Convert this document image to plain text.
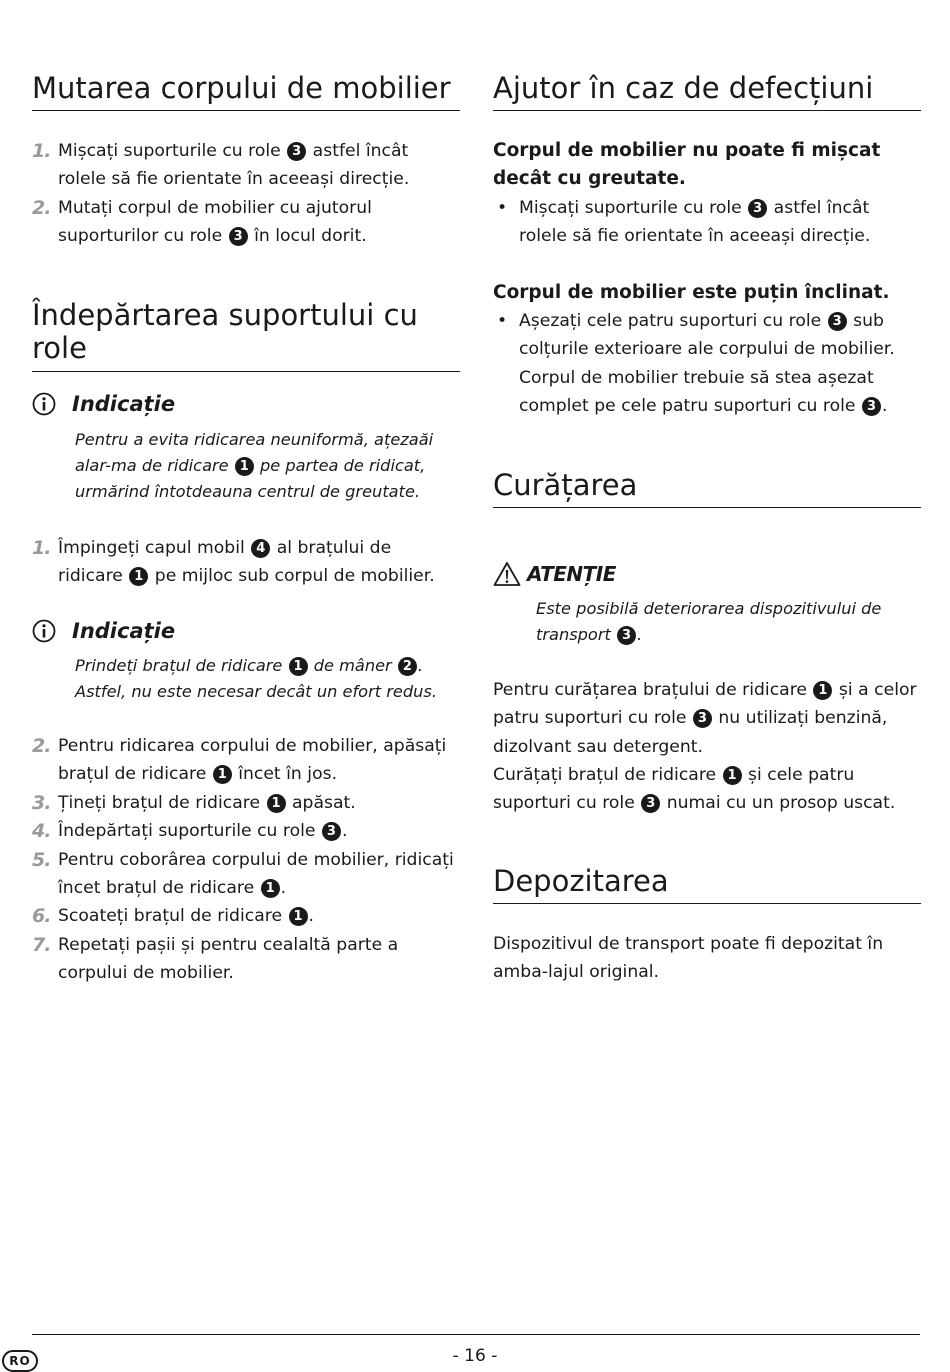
Mutarea corpului de mobilier
1. Mișcați suporturile cu role 3 astfel încât rolele să fe orientate în aceeași direcție.
2. Mutați corpul de mobilier cu ajutorul suporturilor cu role 3 în locul dorit.
Îndepărtarea suportului cu role
Indicație
Pentru a evita ridicarea neuniformă, ațezaăi alar-ma de ridicare 1 pe partea de ridicat, urmărind întotdeauna centrul de greutate.
1. Împingeți capul mobil 4 al brațului de ridicare 1 pe mijloc sub corpul de mobilier.
Indicație
Prindeți brațul de ridicare 1 de mâner 2 . Astfel, nu este necesar decât un efort redus.
2. Pentru ridicarea corpului de mobilier, apăsați brațul de ridicare 1 încet în jos.
3. Țineți brațul de ridicare 1 apăsat.
4. Îndepărtați suporturile cu role 3 .
5. Pentru coborârea corpului de mobilier, ridicați încet brațul de ridicare 1 .
6. Scoateți brațul de ridicare 1 .
7. Repetați pașii și pentru cealaltă parte a corpului de mobilier.
Ajutor în caz de defecțiuni
Corpul de mobilier nu poate fi mișcat decât cu greutate.
• Mișcați suporturile cu role 3 astfel încât rolele să fe orientate în aceeași direcție.
Corpul de mobilier este puțin înclinat.
• Așezați cele patru suporturi cu role 3 sub colțurile exterioare ale corpului de mobilier. Corpul de mobilier trebuie să stea așezat complet pe cele patru suporturi cu role 3 .
Curățarea
ATENȚIE
Este posibilă deteriorarea dispozitivului de transport 3 .
Pentru curățarea brațului de ridicare 1 și a celor patru suporturi cu role 3 nu utilizați benzină, dizolvant sau detergent.
Curățați brațul de ridicare 1 și cele patru suporturi cu role 3 numai cu un prosop uscat.
Depozitarea
Dispozitivul de transport poate f depozitat în amba-lajul original.
RO	- 16 -
